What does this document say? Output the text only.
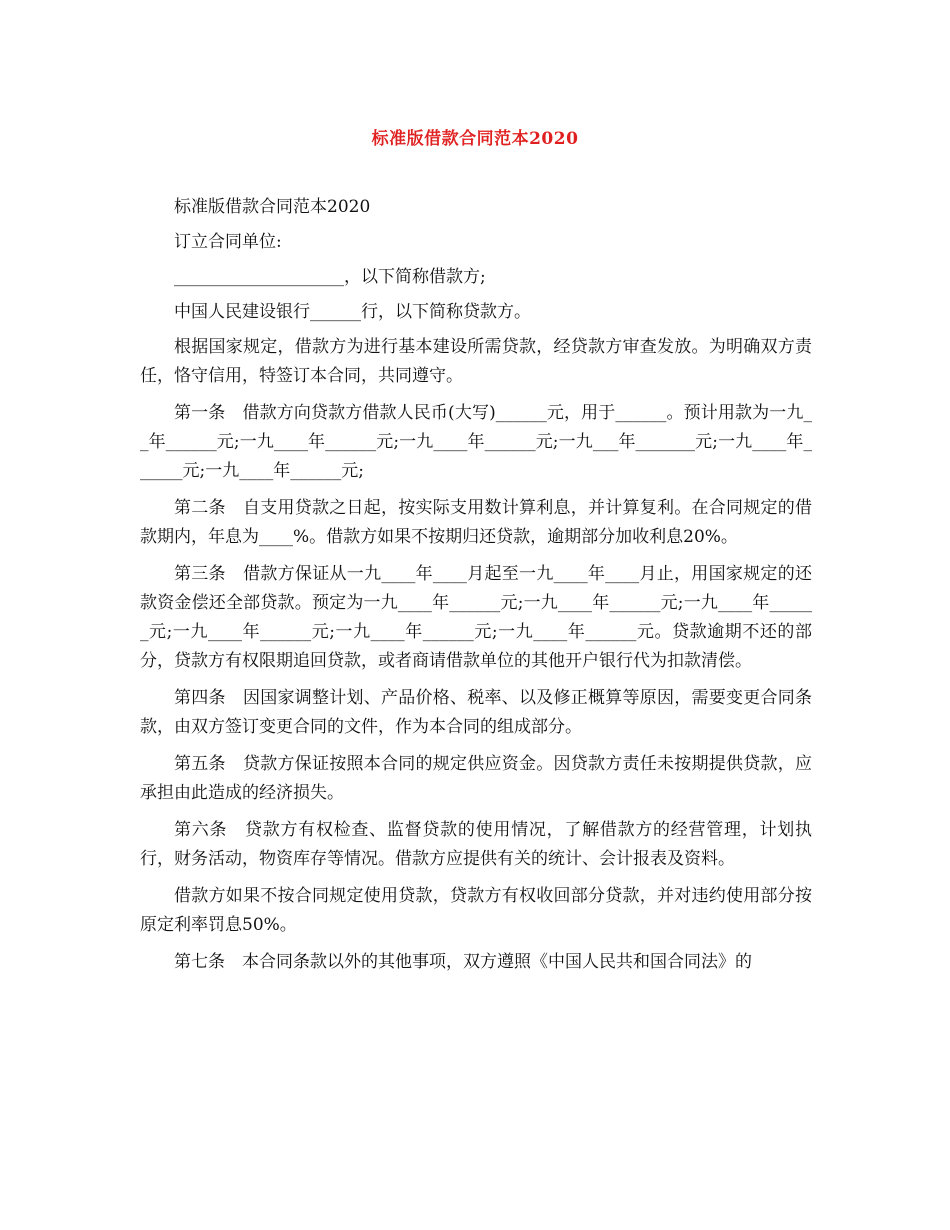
标准版借款合同范本2020

标准版借款合同范本2020

订立合同单位:

____________________，以下简称借款方;

中国人民建设银行______行，以下简称贷款方。

根据国家规定，借款方为进行基本建设所需贷款，经贷款方审查发放。为明确双方责任，恪守信用，特签订本合同，共同遵守。

第一条　借款方向贷款方借款人民币(大写)______元，用于______。预计用款为一九__年______元;一九____年______元;一九____年______元;一九___年_______元;一九____年______元;一九____年______元;

第二条　自支用贷款之日起，按实际支用数计算利息，并计算复利。在合同规定的借款期内，年息为____%。借款方如果不按期归还贷款，逾期部分加收利息20%。

第三条　借款方保证从一九____年____月起至一九____年____月止，用国家规定的还款资金偿还全部贷款。预定为一九____年______元;一九____年______元;一九____年______元;一九____年______元;一九____年______元;一九____年______元。贷款逾期不还的部分，贷款方有权限期追回贷款，或者商请借款单位的其他开户银行代为扣款清偿。

第四条　因国家调整计划、产品价格、税率、以及修正概算等原因，需要变更合同条款，由双方签订变更合同的文件，作为本合同的组成部分。

第五条　贷款方保证按照本合同的规定供应资金。因贷款方责任未按期提供贷款，应承担由此造成的经济损失。

第六条　贷款方有权检查、监督贷款的使用情况，了解借款方的经营管理，计划执行，财务活动，物资库存等情况。借款方应提供有关的统计、会计报表及资料。

借款方如果不按合同规定使用贷款，贷款方有权收回部分贷款，并对违约使用部分按原定利率罚息50%。

第七条　本合同条款以外的其他事项，双方遵照《中国人民共和国合同法》的
